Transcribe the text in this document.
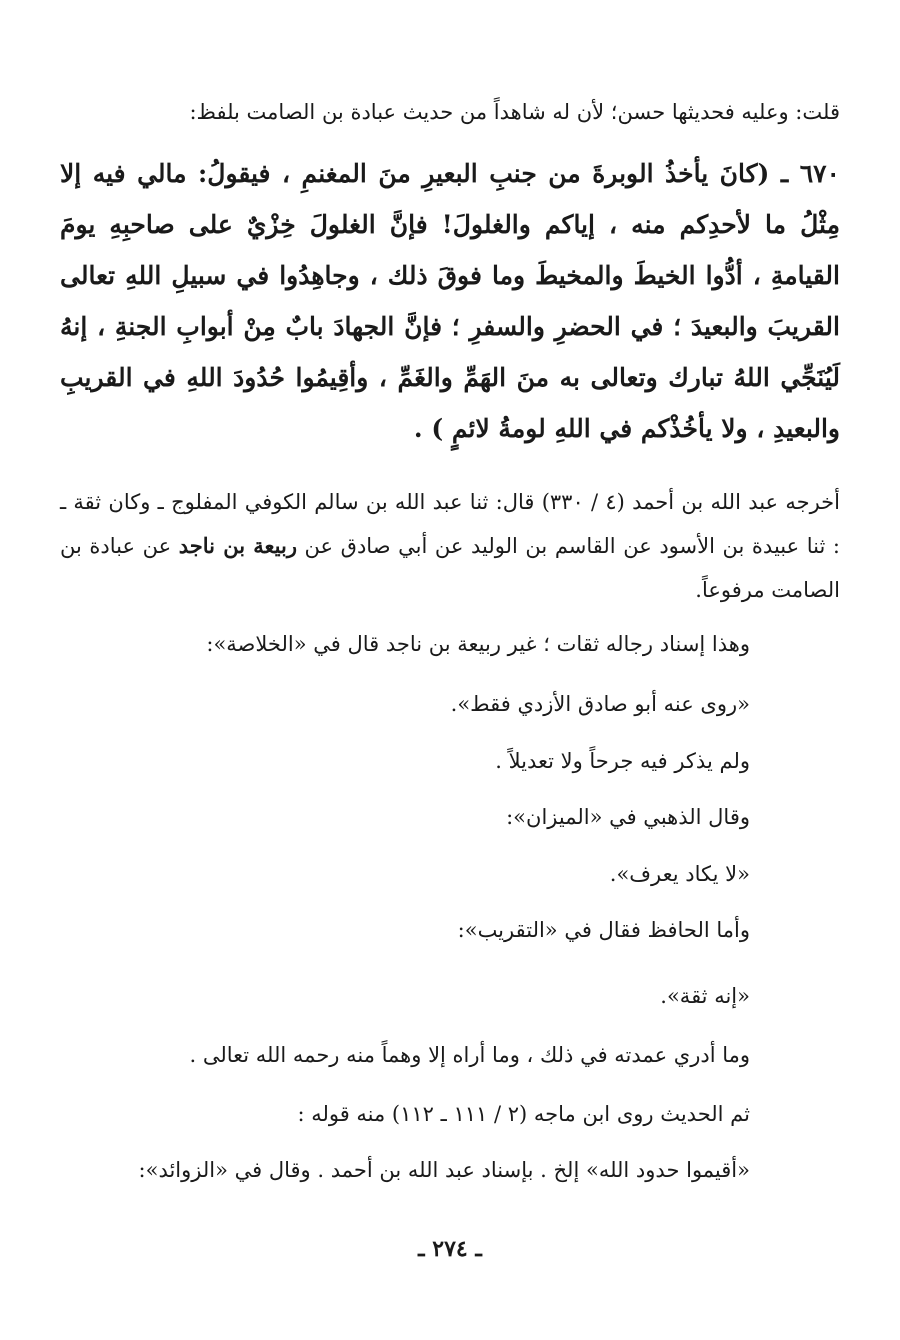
قلت: وعليه فحديثها حسن؛ لأن له شاهداً من حديث عبادة بن الصامت بلفظ:

٦٧٠ ـ (كانَ يأخذُ الوبرةَ من جنبِ البعيرِ منَ المغنمِ ، فيقولُ: مالي فيه إلا مِثْلُ ما لأحدِكم منه ، إياكم والغلولَ! فإنَّ الغلولَ خِزْيٌ على صاحبِهِ يومَ القيامةِ ، أدُّوا الخيطَ والمخيطَ وما فوقَ ذلك ، وجاهِدُوا في سبيلِ اللهِ تعالى القريبَ والبعيدَ ؛ في الحضرِ والسفرِ ؛ فإنَّ الجهادَ بابٌ مِنْ أبوابِ الجنةِ ، إنهُ لَيُنَجِّي اللهُ تبارك وتعالى به منَ الهَمِّ والغَمِّ ، وأقِيمُوا حُدُودَ اللهِ في القريبِ والبعيدِ ، ولا يأخُذْكم في اللهِ لومةُ لائمٍ ) .

أخرجه عبد الله بن أحمد (٤ / ٣٣٠) قال: ثنا عبد الله بن سالم الكوفي المفلوج ـ وكان ثقة ـ : ثنا عبيدة بن الأسود عن القاسم بن الوليد عن أبي صادق عن ربيعة بن ناجد عن عبادة بن الصامت مرفوعاً.

وهذا إسناد رجاله ثقات ؛ غير ربيعة بن ناجد قال في «الخلاصة»:
«روى عنه أبو صادق الأزدي فقط».
ولم يذكر فيه جرحاً ولا تعديلاً .
وقال الذهبي في «الميزان»:
«لا يكاد يعرف».
وأما الحافظ فقال في «التقريب»:
«إنه ثقة».
وما أدري عمدته في ذلك ، وما أراه إلا وهماً منه رحمه الله تعالى .
ثم الحديث روى ابن ماجه (٢ / ١١١ ـ ١١٢) منه قوله :
«أقيموا حدود الله» إلخ . بإسناد عبد الله بن أحمد . وقال في «الزوائد»:
ـ ٢٧٤ ـ
